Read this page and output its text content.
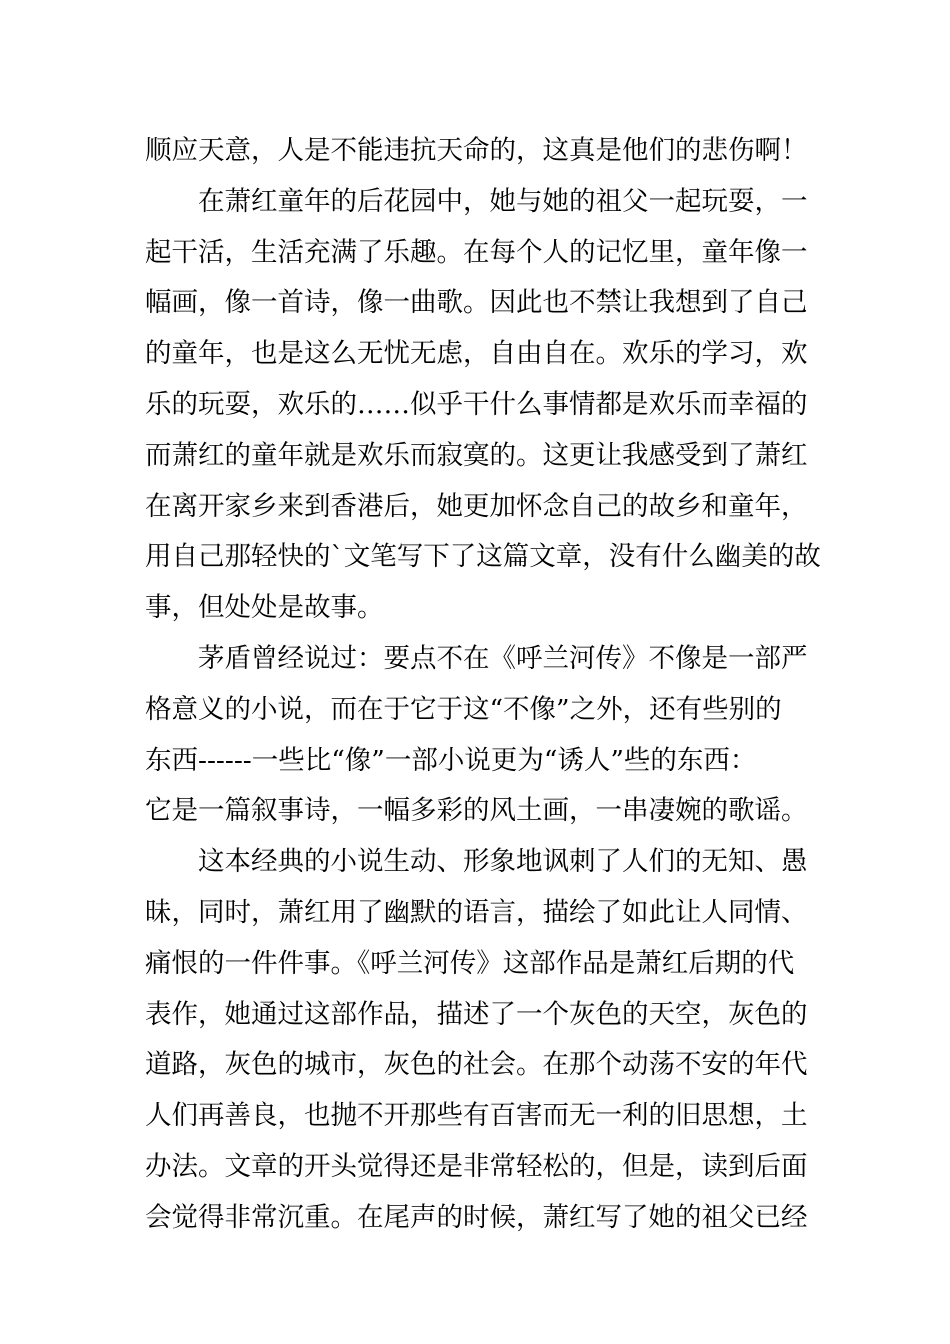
顺应天意，人是不能违抗天命的，这真是他们的悲伤啊！
在萧红童年的后花园中，她与她的祖父一起玩耍，一
起干活，生活充满了乐趣。在每个人的记忆里，童年像一
幅画，像一首诗，像一曲歌。因此也不禁让我想到了自己
的童年，也是这么无忧无虑，自由自在。欢乐的学习，欢
乐的玩耍，欢乐的……似乎干什么事情都是欢乐而幸福的
而萧红的童年就是欢乐而寂寞的。这更让我感受到了萧红
在离开家乡来到香港后，她更加怀念自己的故乡和童年，
用自己那轻快的`文笔写下了这篇文章，没有什么幽美的故
事，但处处是故事。
茅盾曾经说过：要点不在《呼兰河传》不像是一部严
格意义的小说，而在于它于这“不像”之外，还有些别的
东西------一些比“像”一部小说更为“诱人”些的东西：
它是一篇叙事诗，一幅多彩的风土画，一串凄婉的歌谣。
这本经典的小说生动、形象地讽刺了人们的无知、愚
昧，同时，萧红用了幽默的语言，描绘了如此让人同情、
痛恨的一件件事。《呼兰河传》这部作品是萧红后期的代
表作，她通过这部作品，描述了一个灰色的天空，灰色的
道路，灰色的城市，灰色的社会。在那个动荡不安的年代
人们再善良，也抛不开那些有百害而无一利的旧思想，土
办法。文章的开头觉得还是非常轻松的，但是，读到后面
会觉得非常沉重。在尾声的时候，萧红写了她的祖父已经
